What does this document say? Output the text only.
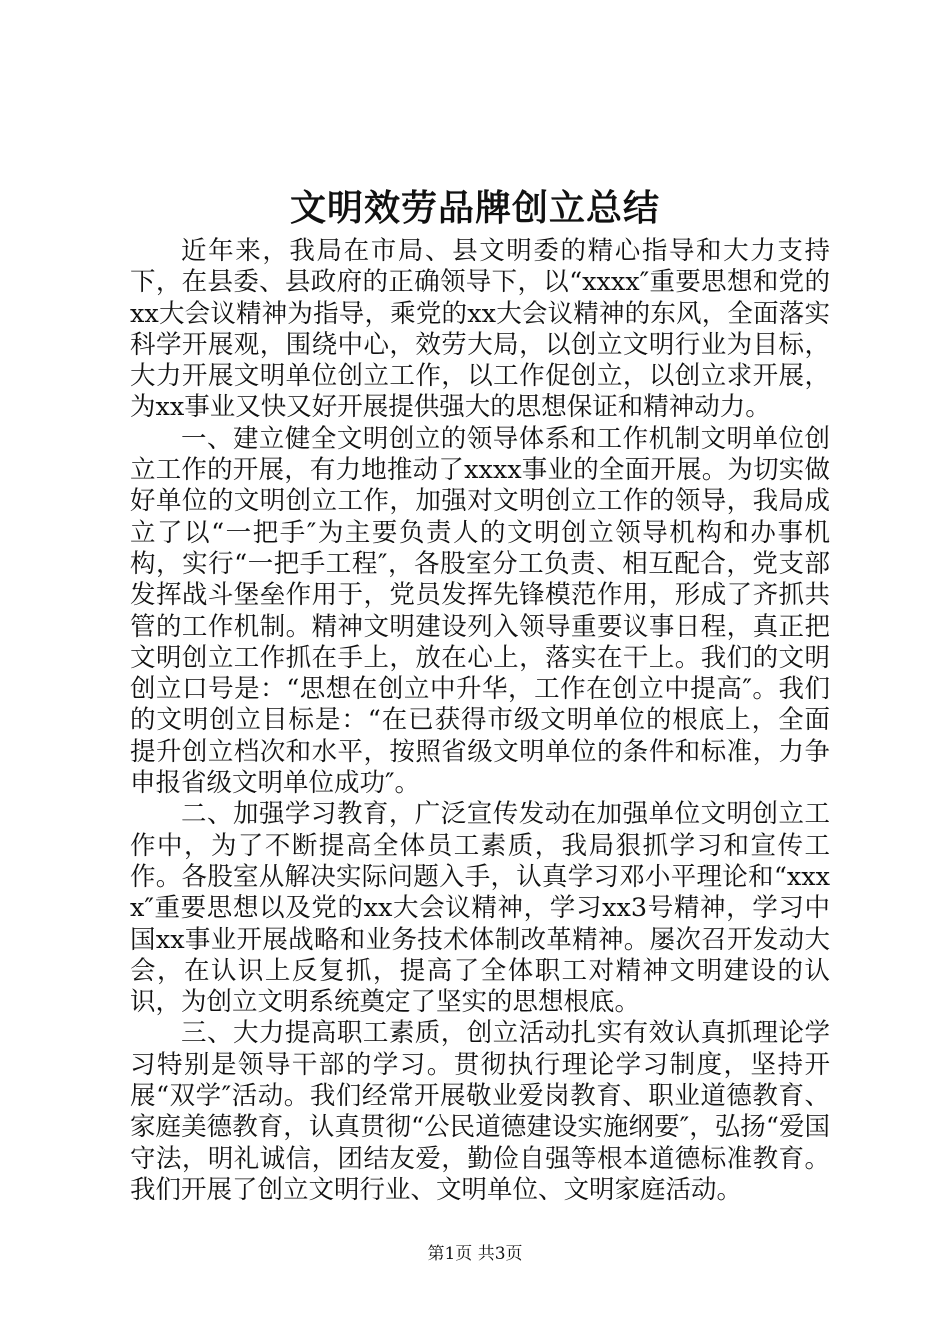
文明效劳品牌创立总结

近年来，我局在市局、县文明委的精心指导和大力支持下，在县委、县政府的正确领导下，以“xxxx″重要思想和党的xx大会议精神为指导，乘党的xx大会议精神的东风，全面落实科学开展观，围绕中心，效劳大局，以创立文明行业为目标，大力开展文明单位创立工作，以工作促创立，以创立求开展，为xx事业又快又好开展提供强大的思想保证和精神动力。

一、建立健全文明创立的领导体系和工作机制文明单位创立工作的开展，有力地推动了xxxx事业的全面开展。为切实做好单位的文明创立工作，加强对文明创立工作的领导，我局成立了以“一把手″为主要负责人的文明创立领导机构和办事机构，实行“一把手工程″，各股室分工负责、相互配合，党支部发挥战斗堡垒作用于，党员发挥先锋模范作用，形成了齐抓共管的工作机制。精神文明建设列入领导重要议事日程，真正把文明创立工作抓在手上，放在心上，落实在干上。我们的文明创立口号是：“思想在创立中升华，工作在创立中提高″。我们的文明创立目标是：“在已获得市级文明单位的根底上，全面提升创立档次和水平，按照省级文明单位的条件和标准，力争申报省级文明单位成功″。

二、加强学习教育，广泛宣传发动在加强单位文明创立工作中，为了不断提高全体员工素质，我局狠抓学习和宣传工作。各股室从解决实际问题入手，认真学习邓小平理论和“xxxx″重要思想以及党的xx大会议精神，学习xx3号精神，学习中国xx事业开展战略和业务技术体制改革精神。屡次召开发动大会，在认识上反复抓，提高了全体职工对精神文明建设的认识，为创立文明系统奠定了坚实的思想根底。

三、大力提高职工素质，创立活动扎实有效认真抓理论学习特别是领导干部的学习。贯彻执行理论学习制度，坚持开展“双学″活动。我们经常开展敬业爱岗教育、职业道德教育、家庭美德教育，认真贯彻“公民道德建设实施纲要″，弘扬“爱国守法，明礼诚信，团结友爱，勤俭自强等根本道德标准教育。我们开展了创立文明行业、文明单位、文明家庭活动。

第1页 共3页
